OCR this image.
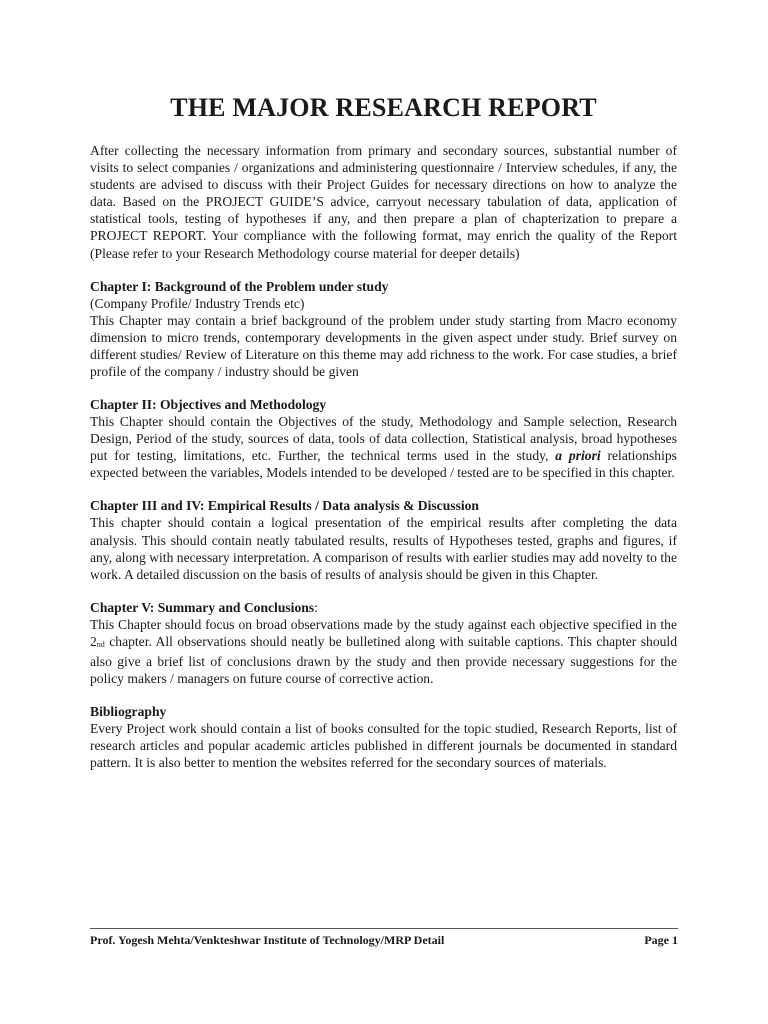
THE MAJOR RESEARCH REPORT

After collecting the necessary information from primary and secondary sources, substantial number of visits to select companies / organizations and administering questionnaire / Interview schedules, if any, the students are advised to discuss with their Project Guides for necessary directions on how to analyze the data. Based on the PROJECT GUIDE’S advice, carryout necessary tabulation of data, application of statistical tools, testing of hypotheses if any, and then prepare a plan of chapterization to prepare a PROJECT REPORT. Your compliance with the following format, may enrich the quality of the Report (Please refer to your Research Methodology course material for deeper details)

Chapter I: Background of the Problem under study

(Company Profile/ Industry Trends etc)

This Chapter may contain a brief background of the problem under study starting from Macro economy dimension to micro trends, contemporary developments in the given aspect under study. Brief survey on different studies/ Review of Literature on this theme may add richness to the work. For case studies, a brief profile of the company / industry should be given

Chapter II: Objectives and Methodology

This Chapter should contain the Objectives of the study, Methodology and Sample selection, Research Design, Period of the study, sources of data, tools of data collection, Statistical analysis, broad hypotheses put for testing, limitations, etc. Further, the technical terms used in the study, a priori relationships expected between the variables, Models intended to be developed / tested are to be specified in this chapter.

Chapter III and IV: Empirical Results / Data analysis & Discussion

This chapter should contain a logical presentation of the empirical results after completing the data analysis. This should contain neatly tabulated results, results of Hypotheses tested, graphs and figures, if any, along with necessary interpretation. A comparison of results with earlier studies may add novelty to the work. A detailed discussion on the basis of results of analysis should be given in this Chapter.

Chapter V: Summary and Conclusions:

This Chapter should focus on broad observations made by the study against each objective specified in the $2_{nd}$ chapter. All observations should neatly be bulletined along with suitable captions. This chapter should also give a brief list of conclusions drawn by the study and then provide necessary suggestions for the policy makers / managers on future course of corrective action.

Bibliography

Every Project work should contain a list of books consulted for the topic studied, Research Reports, list of research articles and popular academic articles published in different journals be documented in standard pattern. It is also better to mention the websites referred for the secondary sources of materials.

Prof. Yogesh Mehta/Venkteshwar Institute of Technology/MRP Detail	Page 1
